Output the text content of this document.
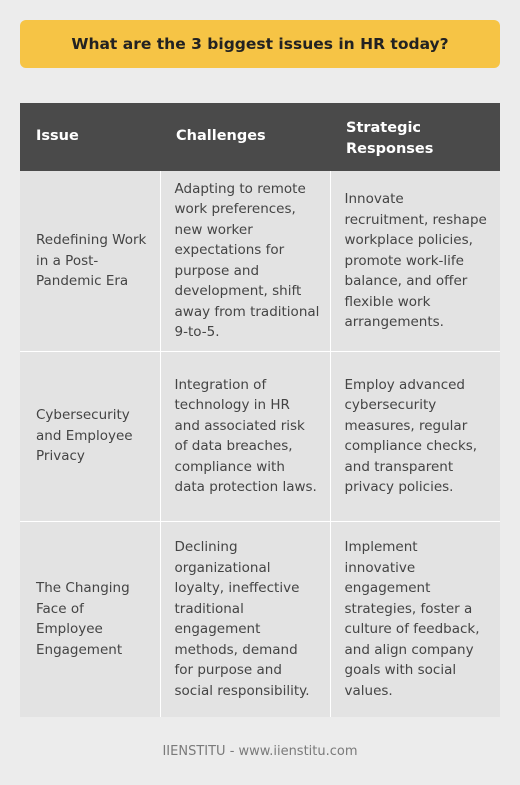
What are the 3 biggest issues in HR today?
Issue	Challenges	Strategic Responses

Redefining Work in a Post-Pandemic Era	Adapting to remote work preferences, new worker expectations for purpose and development, shift away from traditional 9-to-5.	Innovate recruitment, reshape workplace policies, promote work-life balance, and offer flexible work arrangements.
Cybersecurity and Employee Privacy	Integration of technology in HR and associated risk of data breaches, compliance with data protection laws.	Employ advanced cybersecurity measures, regular compliance checks, and transparent privacy policies.
The Changing Face of Employee Engagement	Declining organizational loyalty, ineffective traditional engagement methods, demand for purpose and social responsibility.	Implement innovative engagement strategies, foster a culture of feedback, and align company goals with social values.
IIENSTITU - www.iienstitu.com
